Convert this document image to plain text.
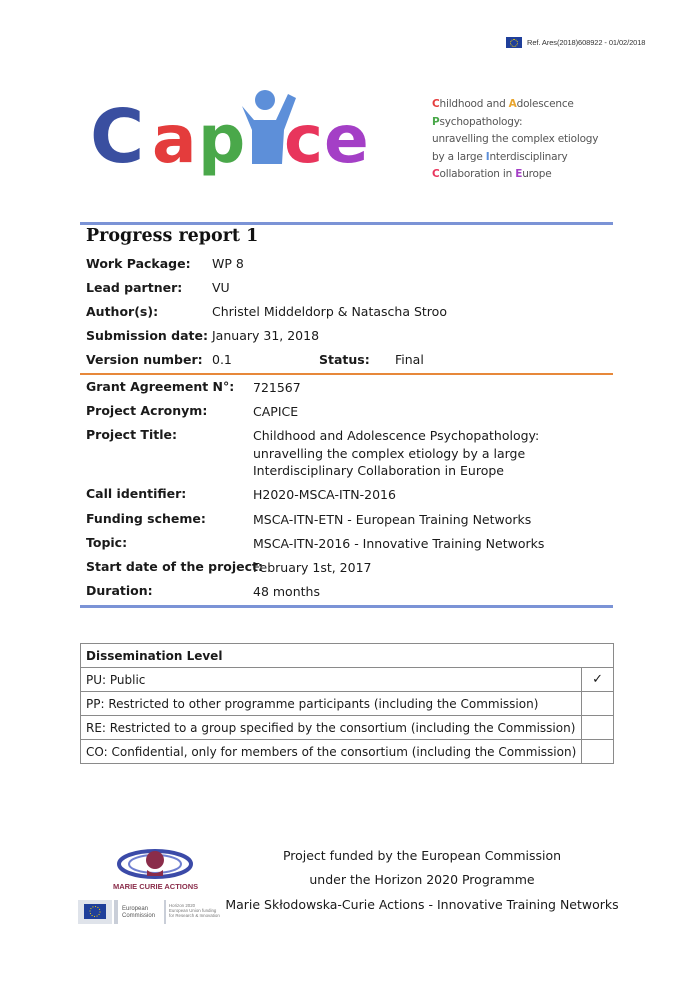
Ref. Ares(2018)608922 - 01/02/2018
C a p c e	Childhood and Adolescence
Psychopathology:
unravelling the complex etiology
by a large Interdisciplinary
Collaboration in Europe
Progress report 1
Work Package: WP 8
Lead partner: VU
Author(s):	Christel Middeldorp & Natascha Stroo
Submission date: January 31, 2018
Version number: 0.1	Status: Final
Grant Agreement N°: 721567
Project Acronym:	CAPICE
Project Title:	Childhood and Adolescence Psychopathology: unravelling the complex etiology by a large Interdisciplinary Collaboration in Europe
Call identifier:	H2020-MSCA-ITN-2016
Funding scheme:	MSCA-ITN-ETN - European Training Networks
Topic:	MSCA-ITN-2016 - Innovative Training Networks
Start date of the project:
February 1st, 2017
Duration:	48 months
Dissemination Level	
PU: Public	✓
PP: Restricted to other programme participants (including the Commission)	
RE: Restricted to a group specified by the consortium (including the Commission)	
CO: Confidential, only for members of the consortium (including the Commission)	
MARIE CURIE ACTIONS
European Commission
Horizon 2020 European Union funding for Research & Innovation
Project funded by the European Commission
under the Horizon 2020 Programme
Marie Skłodowska-Curie Actions - Innovative Training Networks
